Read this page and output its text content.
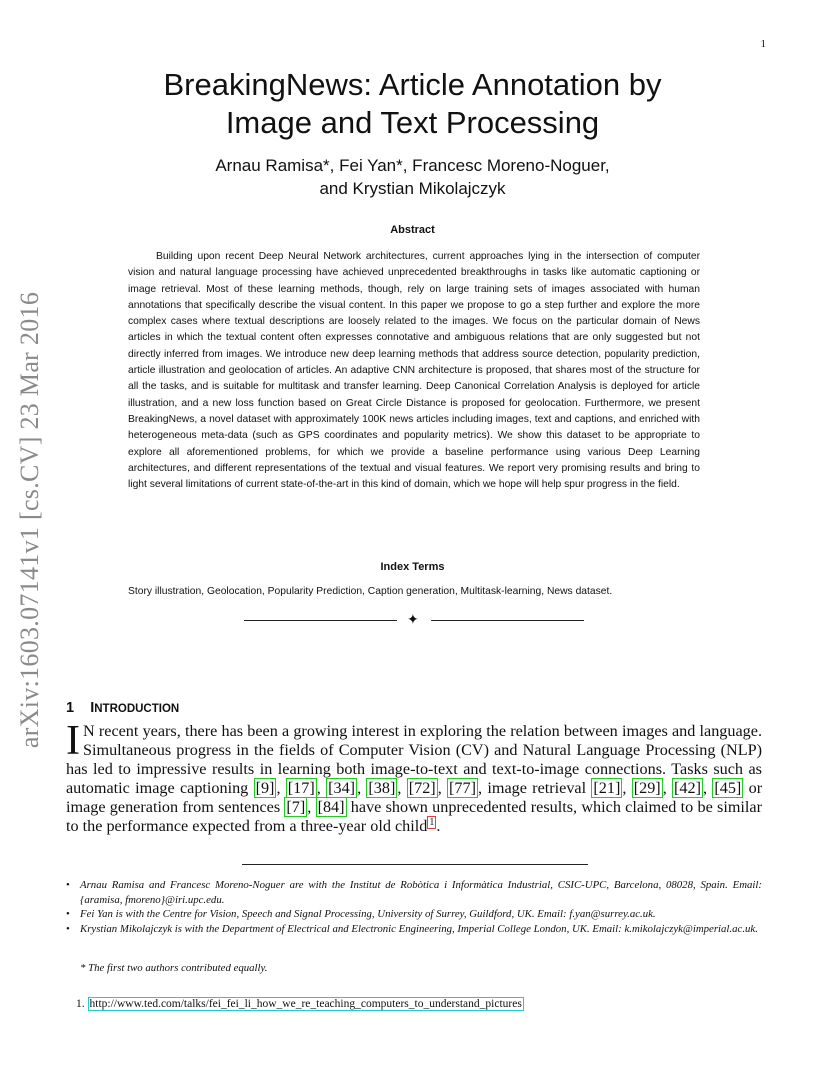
1
arXiv:1603.07141v1 [cs.CV] 23 Mar 2016
BreakingNews: Article Annotation by
Image and Text Processing
Arnau Ramisa*, Fei Yan*, Francesc Moreno-Noguer,
and Krystian Mikolajczyk
Abstract

Building upon recent Deep Neural Network architectures, current approaches lying in the intersection of computer vision and natural language processing have achieved unprecedented breakthroughs in tasks like automatic captioning or image retrieval. Most of these learning methods, though, rely on large training sets of images associated with human annotations that specifically describe the visual content. In this paper we propose to go a step further and explore the more complex cases where textual descriptions are loosely related to the images. We focus on the particular domain of News articles in which the textual content often expresses connotative and ambiguous relations that are only suggested but not directly inferred from images. We introduce new deep learning methods that address source detection, popularity prediction, article illustration and geolocation of articles. An adaptive CNN architecture is proposed, that shares most of the structure for all the tasks, and is suitable for multitask and transfer learning. Deep Canonical Correlation Analysis is deployed for article illustration, and a new loss function based on Great Circle Distance is proposed for geolocation. Furthermore, we present BreakingNews, a novel dataset with approximately 100K news articles including images, text and captions, and enriched with heterogeneous meta-data (such as GPS coordinates and popularity metrics). We show this dataset to be appropriate to explore all aforementioned problems, for which we provide a baseline performance using various Deep Learning architectures, and different representations of the textual and visual features. We report very promising results and bring to light several limitations of current state-of-the-art in this kind of domain, which we hope will help spur progress in the field.

Index Terms
Story illustration, Geolocation, Popularity Prediction, Caption generation, Multitask-learning, News dataset.
✦
1 INTRODUCTION

I N recent years, there has been a growing interest in exploring the relation between images and language. Simultaneous progress in the fields of Computer Vision (CV) and Natural Language Processing (NLP) has led to impressive results in learning both image-to-text and text-to-image connections. Tasks such as automatic image captioning [9] , [17] , [34] , [38] , [72] , [77] , image retrieval [21] , [29] , [42] , [45] or image generation from sentences [7] , [84] have shown unprecedented results, which claimed to be similar to the performance expected from a three-year old child $^1$ .

• Arnau Ramisa and Francesc Moreno-Noguer are with the Institut de Robòtica i Informàtica Industrial, CSIC-UPC, Barcelona, 08028, Spain. Email: {aramisa, fmoreno}@iri.upc.edu.
• Fei Yan is with the Centre for Vision, Speech and Signal Processing, University of Surrey, Guildford, UK. Email: f.yan@surrey.ac.uk.
• Krystian Mikolajczyk is with the Department of Electrical and Electronic Engineering, Imperial College London, UK. Email: k.mikolajczyk@imperial.ac.uk.
* The first two authors contributed equally.
1. http://www.ted.com/talks/fei_fei_li_how_we_re_teaching_computers_to_understand_pictures
